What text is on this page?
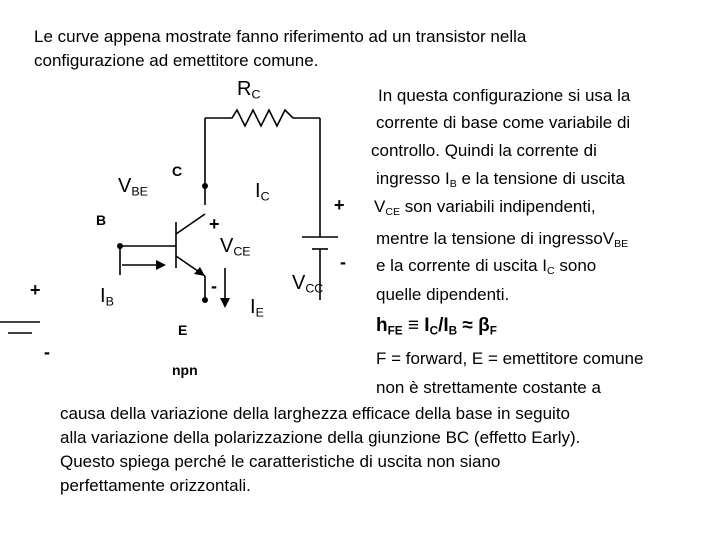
Le curve appena mostrate fanno riferimento ad un transistor nella
configurazione ad emettitore comune.
$R_C$
$V_{BE}$	$I_C$
$I_B$	$I_E$
$V_{CE}$
$V_{CC}$
C
B
E
npn
+
-
+
-
+
-
In questa configurazione si usa la
corrente di base come variabile di
controllo. Quindi la corrente di
ingresso $I_B$ e la tensione di uscita
$V_{CE}$ son variabili indipendenti,
mentre la tensione di ingressoV$_{BE}$
e la corrente di uscita $I_C$ sono
quelle dipendenti.
$h_{FE} \equiv I_C/I_B \approx \beta_F$
F = forward, E = emettitore comune
non è strettamente costante a
causa della variazione della larghezza efficace della base in seguito
alla variazione della polarizzazione della giunzione BC (effetto Early).
Questo spiega perché le caratteristiche di uscita non siano
perfettamente orizzontali.
